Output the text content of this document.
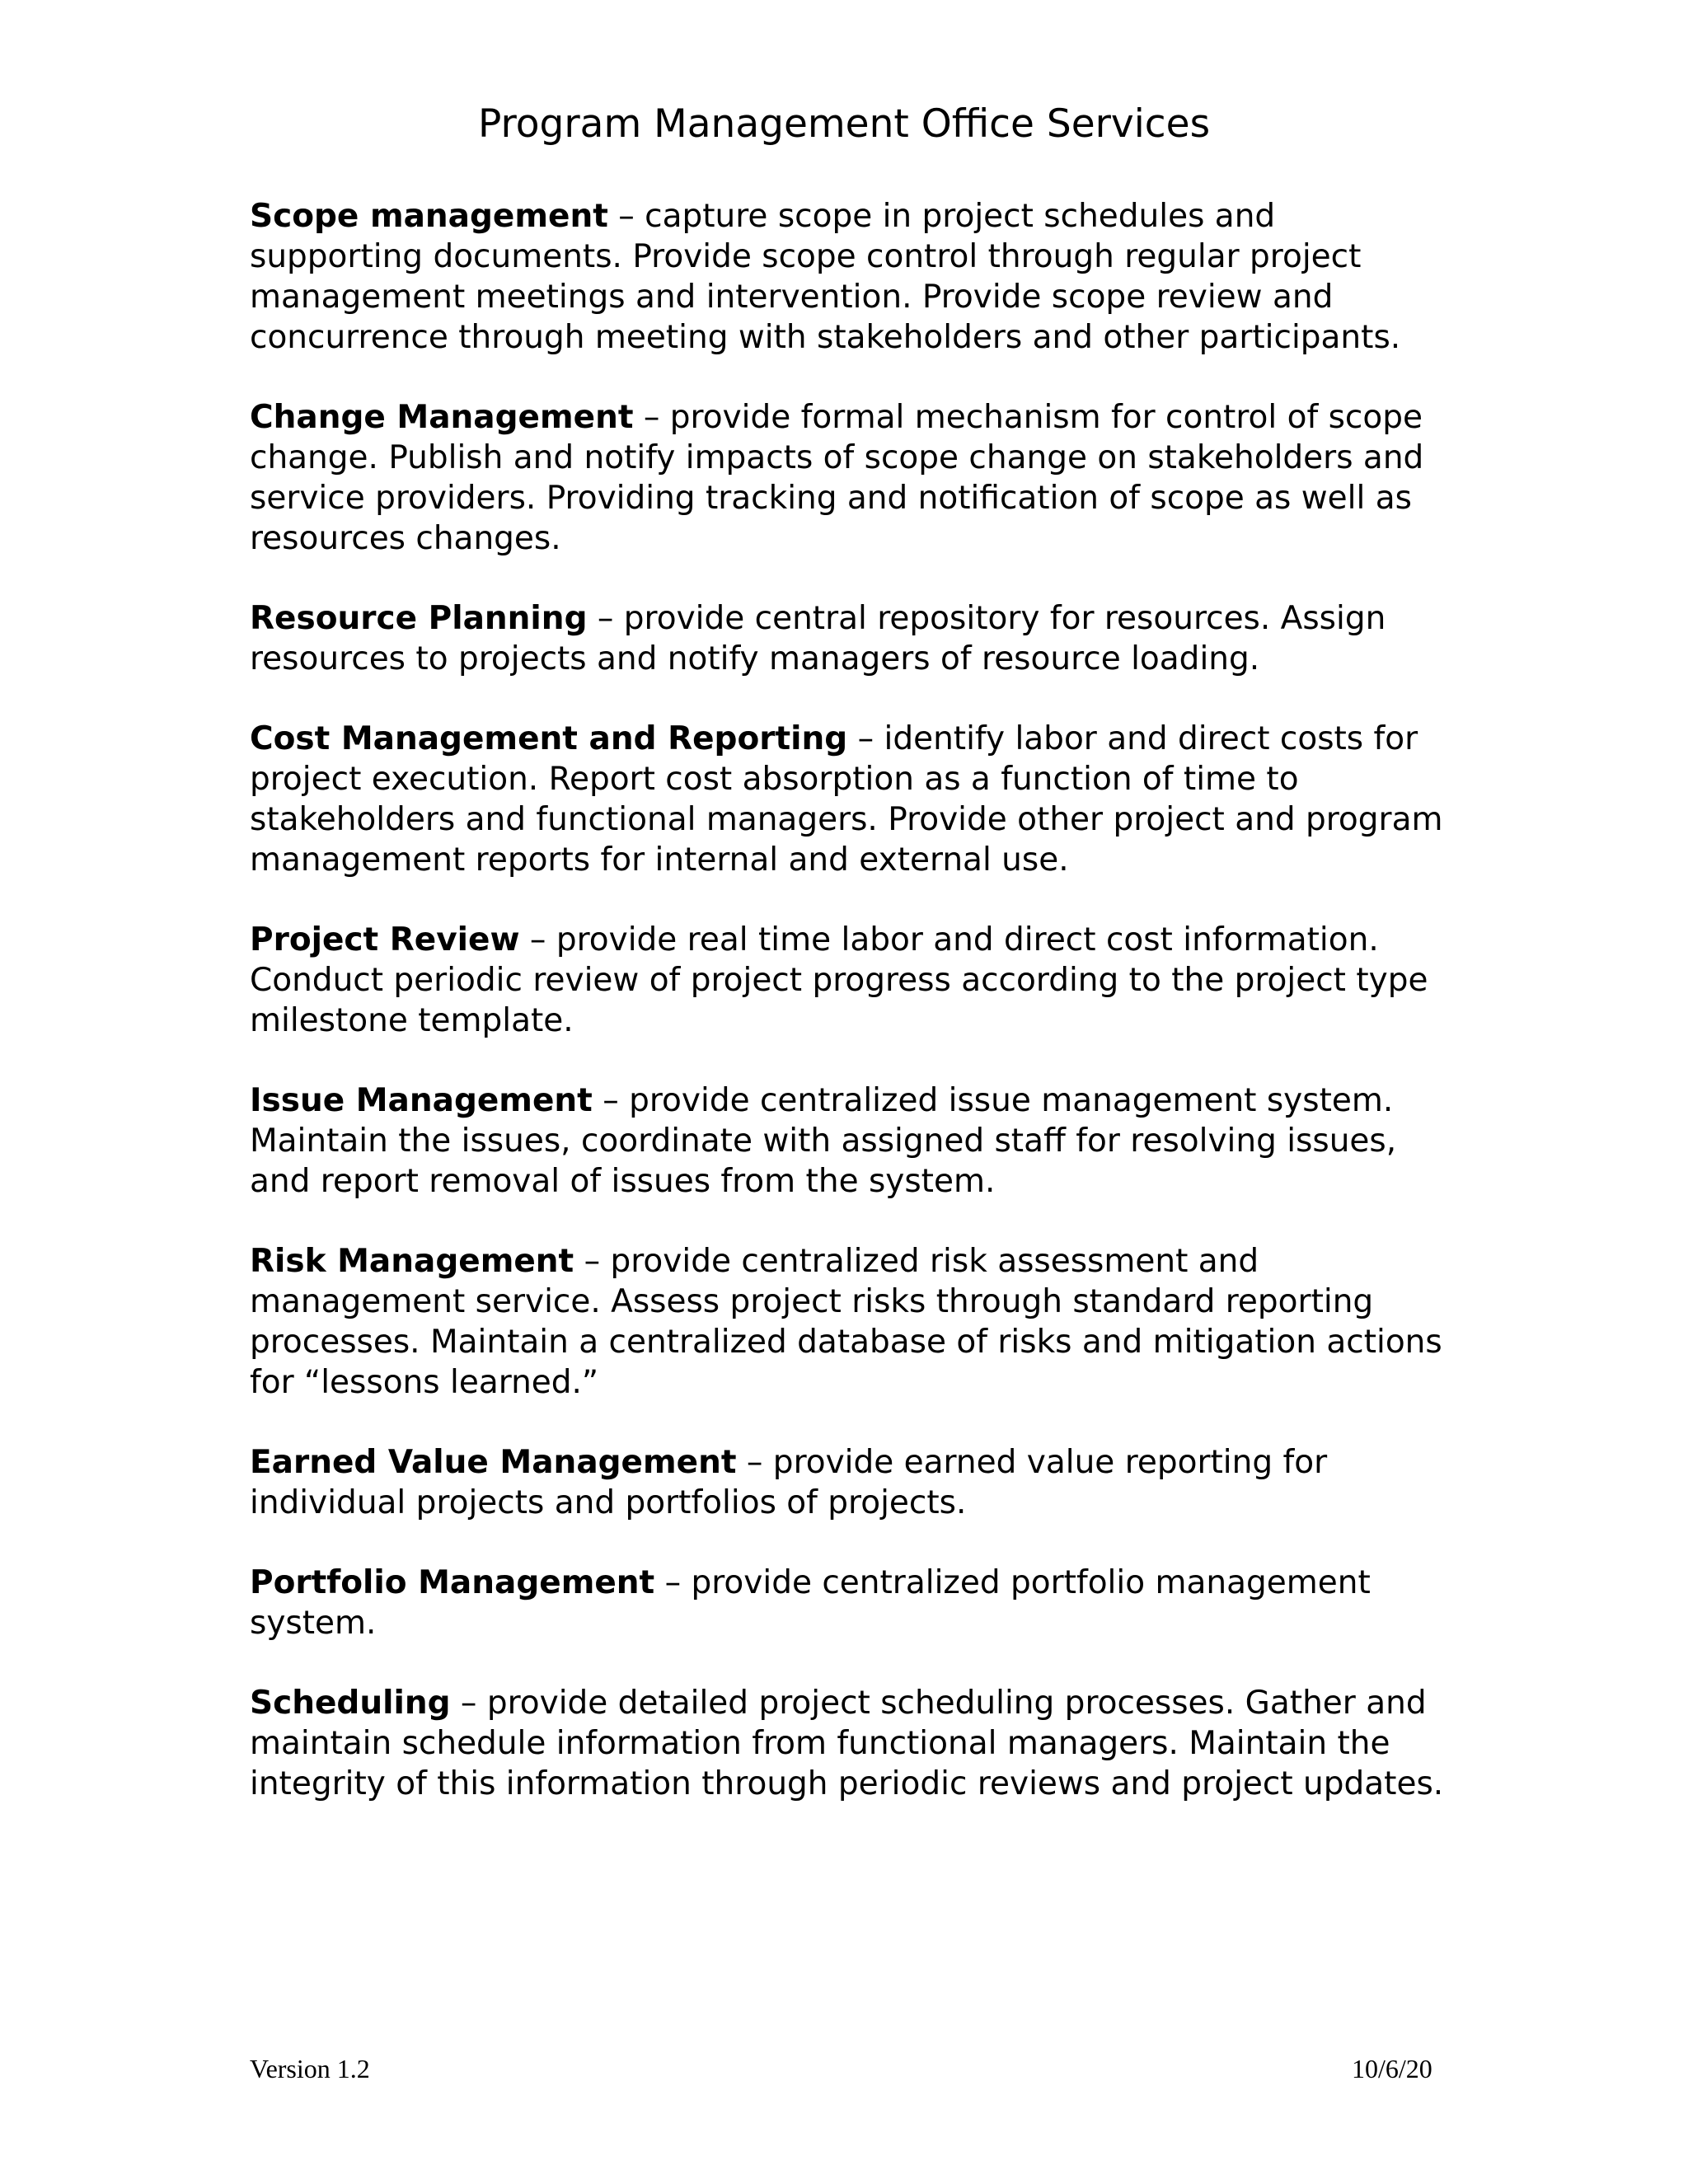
Program Management Office Services

Scope management – capture scope in project schedules and supporting documents. Provide scope control through regular project management meetings and intervention. Provide scope review and concurrence through meeting with stakeholders and other participants.

Change Management – provide formal mechanism for control of scope change. Publish and notify impacts of scope change on stakeholders and service providers. Providing tracking and notification of scope as well as resources changes.

Resource Planning – provide central repository for resources. Assign resources to projects and notify managers of resource loading.

Cost Management and Reporting – identify labor and direct costs for project execution. Report cost absorption as a function of time to stakeholders and functional managers. Provide other project and program management reports for internal and external use.

Project Review – provide real time labor and direct cost information. Conduct periodic review of project progress according to the project type milestone template.

Issue Management – provide centralized issue management system. Maintain the issues, coordinate with assigned staff for resolving issues, and report removal of issues from the system.

Risk Management – provide centralized risk assessment and management service. Assess project risks through standard reporting processes. Maintain a centralized database of risks and mitigation actions for “lessons learned.”

Earned Value Management – provide earned value reporting for individual projects and portfolios of projects.

Portfolio Management – provide centralized portfolio management system.

Scheduling – provide detailed project scheduling processes. Gather and maintain schedule information from functional managers. Maintain the integrity of this information through periodic reviews and project updates.

Version 1.2	10/6/20
